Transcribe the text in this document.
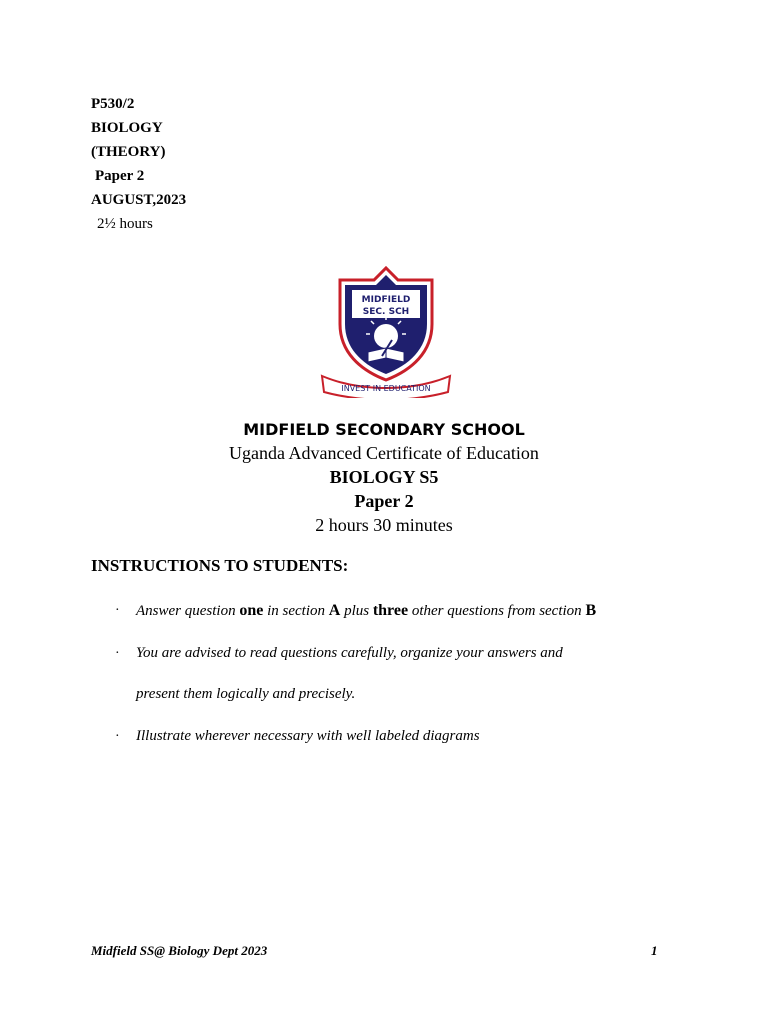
P530/2
BIOLOGY
(THEORY)
Paper 2
AUGUST,2023
2½ hours
MIDFIELD
SEC. SCH
INVEST IN EDUCATION
MIDFIELD SECONDARY SCHOOL
Uganda Advanced Certificate of Education
BIOLOGY S5
Paper 2
2 hours 30 minutes
INSTRUCTIONS TO STUDENTS:
· Answer question one in section A plus three other questions from section B
· You are advised to read questions carefully, organize your answers and
present them logically and precisely.
· Illustrate wherever necessary with well labeled diagrams
Midfield SS@ Biology Dept 2023	1
